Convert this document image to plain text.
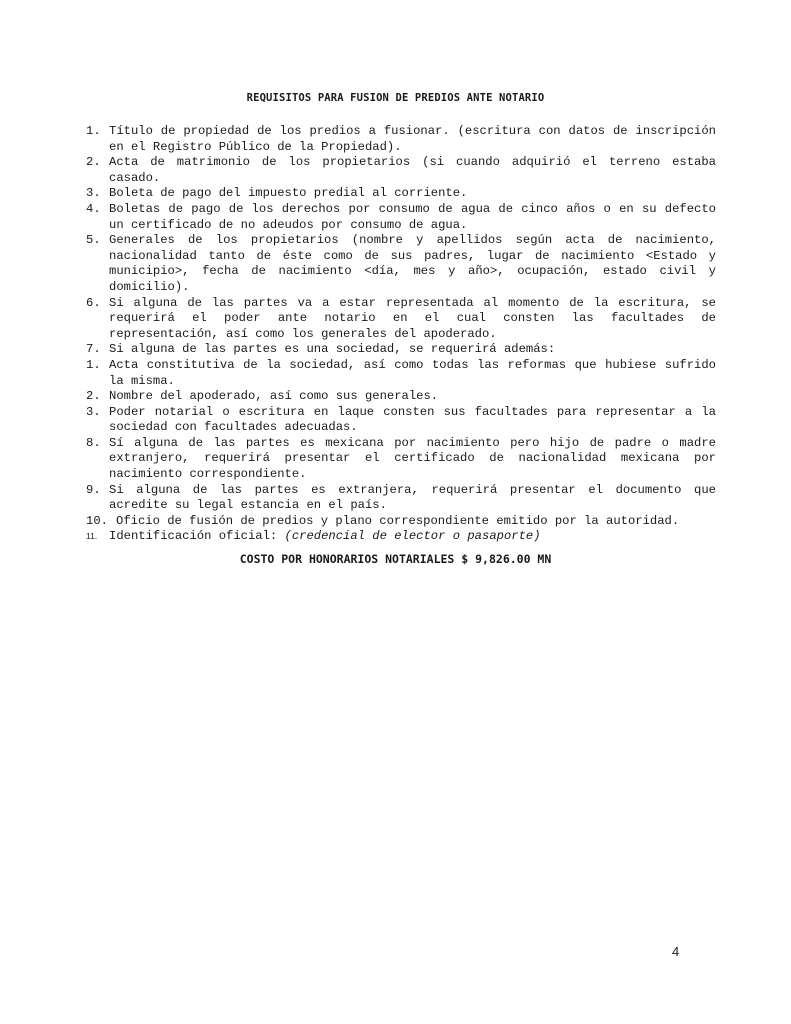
REQUISITOS PARA FUSION DE PREDIOS ANTE NOTARIO
1. Título de propiedad de los predios a fusionar. (escritura con datos de inscripción en el Registro Público de la Propiedad).
2. Acta de matrimonio de los propietarios (si cuando adquirió el terreno estaba casado.
3. Boleta de pago del impuesto predial al corriente.
4. Boletas de pago de los derechos por consumo de agua de cinco años o en su defecto un certificado de no adeudos por consumo de agua.
5. Generales de los propietarios (nombre y apellidos según acta de nacimiento, nacionalidad tanto de éste como de sus padres, lugar de nacimiento <Estado y municipio>, fecha de nacimiento <día, mes y año>, ocupación, estado civil y domicilio).
6. Si alguna de las partes va a estar representada al momento de la escritura, se requerirá el poder ante notario en el cual consten las facultades de representación, así como los generales del apoderado.
7. Si alguna de las partes es una sociedad, se requerirá además:
1. Acta constitutiva de la sociedad, así como todas las reformas que hubiese sufrido la misma.
2. Nombre del apoderado, así como sus generales.
3. Poder notarial o escritura en laque consten sus facultades para representar a la sociedad con facultades adecuadas.
8. Sí alguna de las partes es mexicana por nacimiento pero hijo de padre o madre extranjero, requerirá presentar el certificado de nacionalidad mexicana por nacimiento correspondiente.
9. Si alguna de las partes es extranjera, requerirá presentar el documento que acredite su legal estancia en el país.
10. Oficio de fusión de predios y plano correspondiente emitido por la autoridad.
11. Identificación oficial: (credencial de elector o pasaporte)
COSTO POR HONORARIOS NOTARIALES $ 9,826.00 MN
4
